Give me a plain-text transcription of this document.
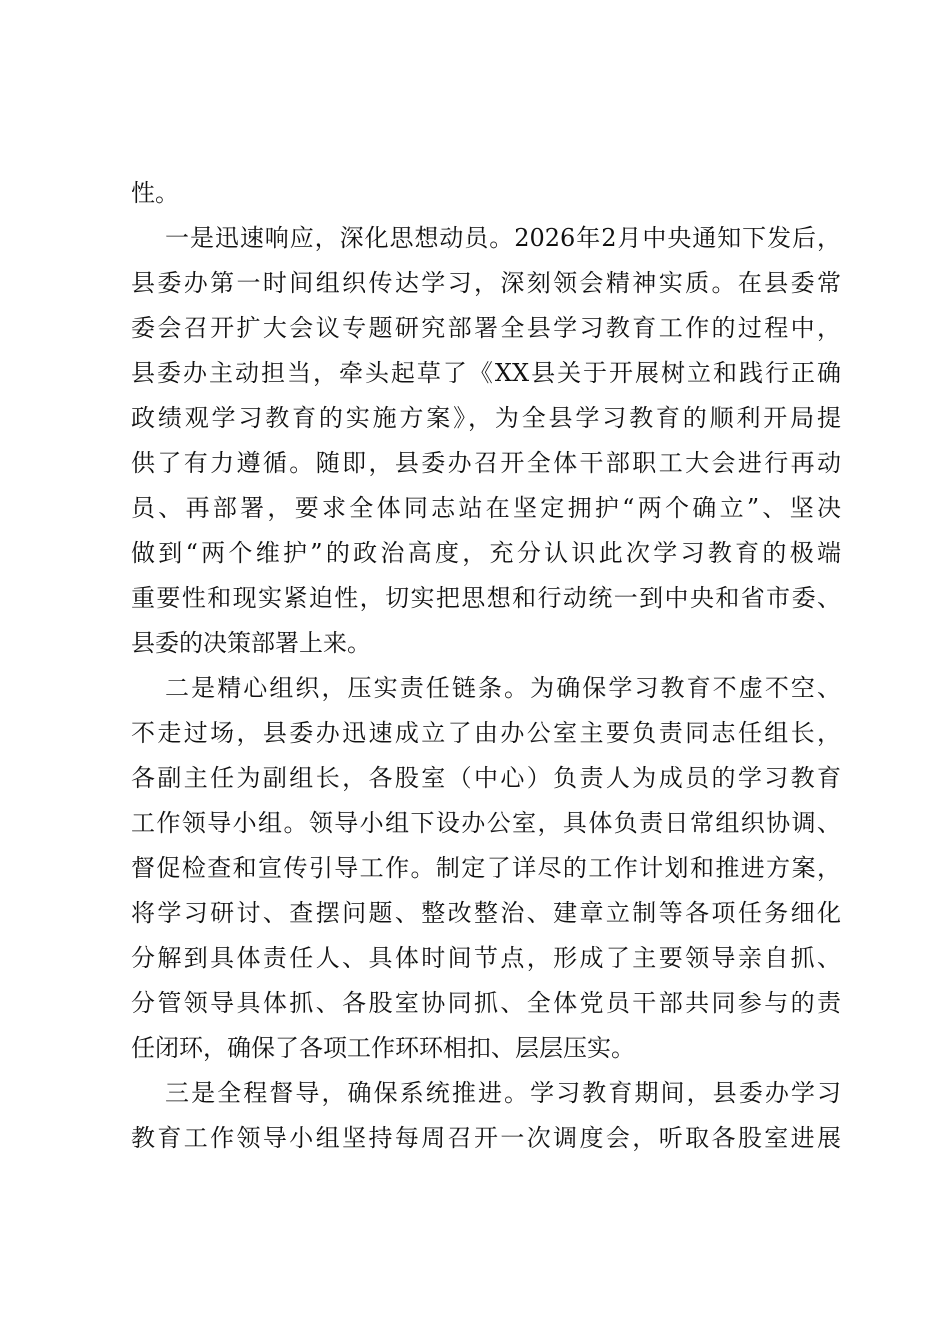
性。
一是迅速响应，深化思想动员。2026年2月中央通知下发后，
县委办第一时间组织传达学习，深刻领会精神实质。在县委常
委会召开扩大会议专题研究部署全县学习教育工作的过程中，
县委办主动担当，牵头起草了《XX县关于开展树立和践行正确
政绩观学习教育的实施方案》，为全县学习教育的顺利开局提
供了有力遵循。随即，县委办召开全体干部职工大会进行再动
员、再部署，要求全体同志站在坚定拥护“两个确立”、坚决
做到“两个维护”的政治高度，充分认识此次学习教育的极端
重要性和现实紧迫性，切实把思想和行动统一到中央和省市委、
县委的决策部署上来。
二是精心组织，压实责任链条。为确保学习教育不虚不空、
不走过场，县委办迅速成立了由办公室主要负责同志任组长，
各副主任为副组长，各股室（中心）负责人为成员的学习教育
工作领导小组。领导小组下设办公室，具体负责日常组织协调、
督促检查和宣传引导工作。制定了详尽的工作计划和推进方案，
将学习研讨、查摆问题、整改整治、建章立制等各项任务细化
分解到具体责任人、具体时间节点，形成了主要领导亲自抓、
分管领导具体抓、各股室协同抓、全体党员干部共同参与的责
任闭环，确保了各项工作环环相扣、层层压实。
三是全程督导，确保系统推进。学习教育期间，县委办学习
教育工作领导小组坚持每周召开一次调度会，听取各股室进展
